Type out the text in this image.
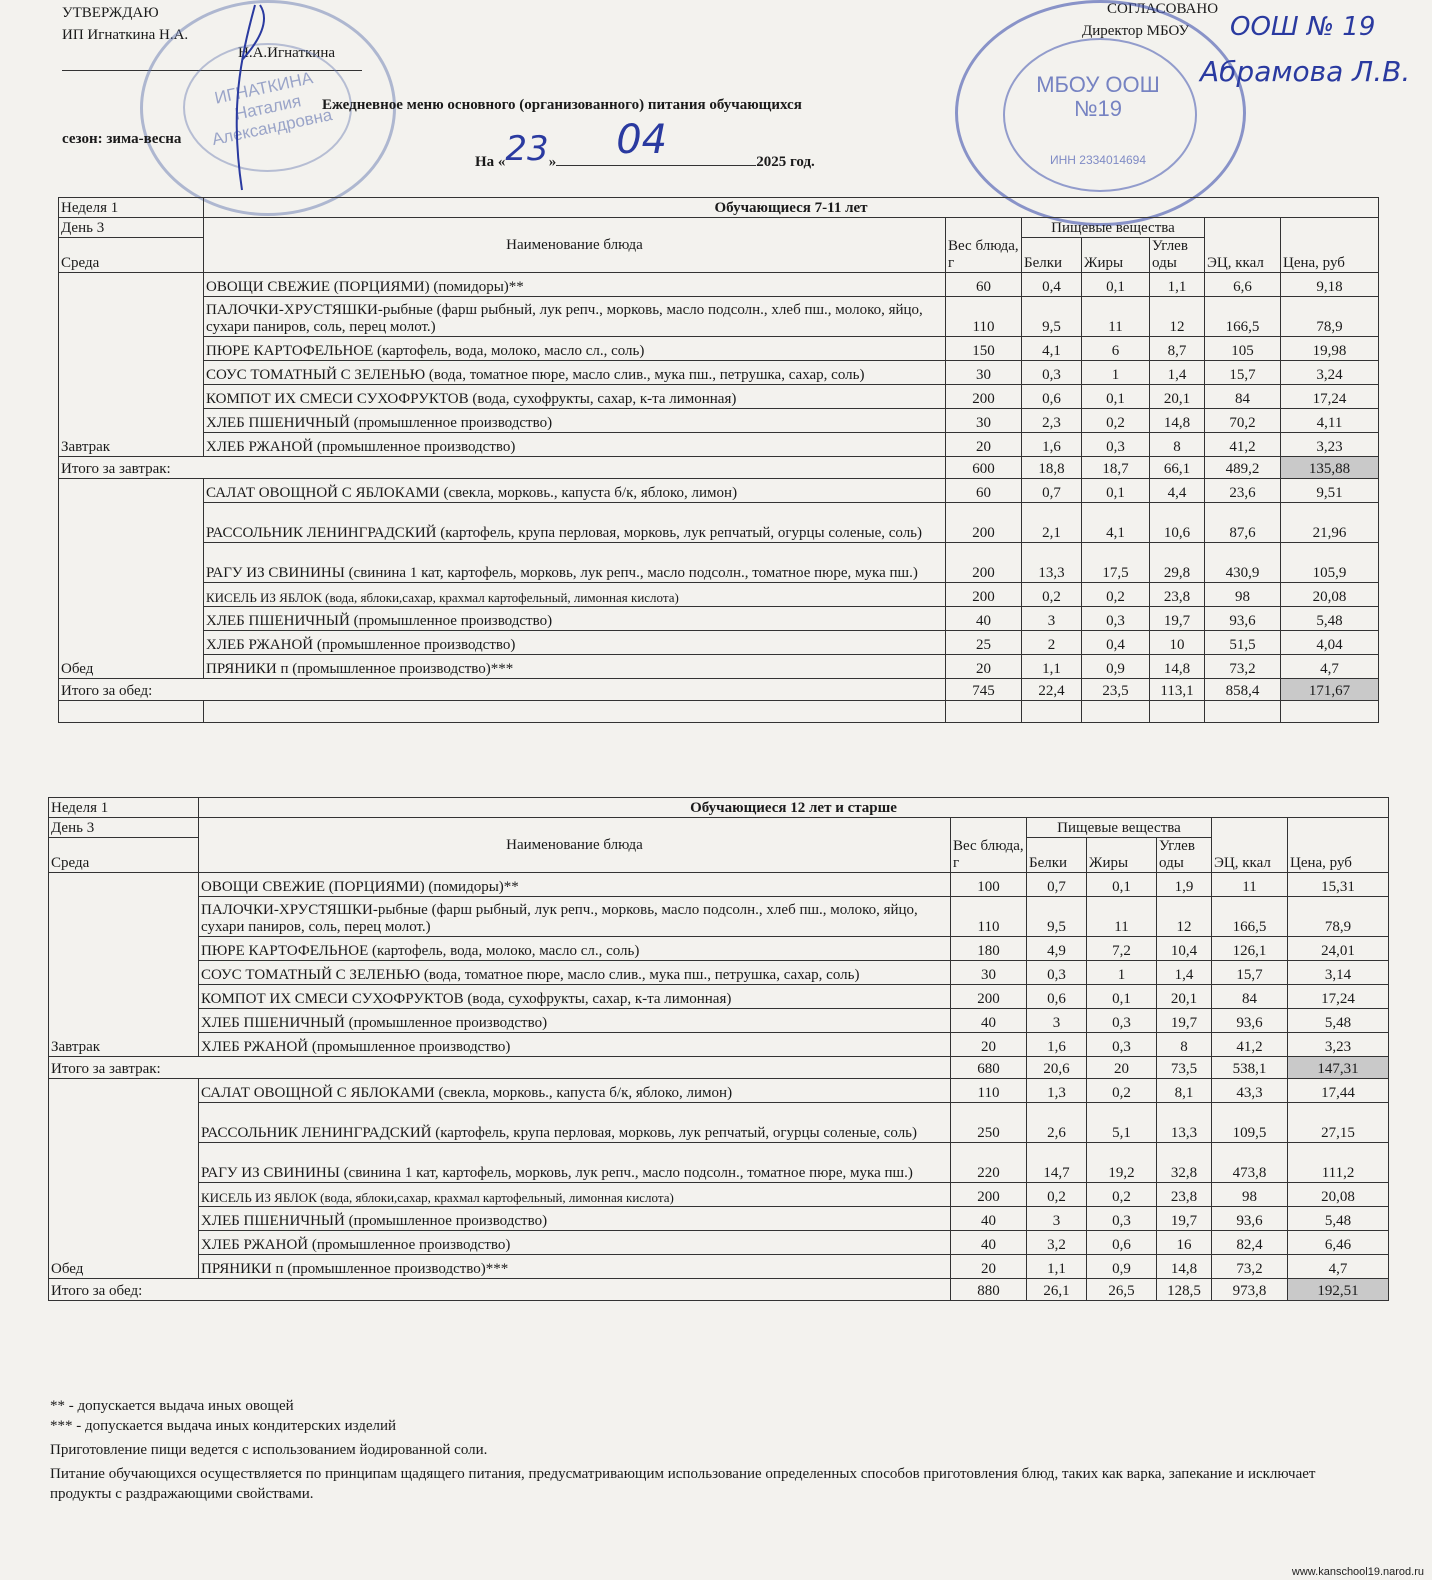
УТВЕРЖДАЮ
ИП Игнаткина Н.А.
Н.А.Игнаткина
ИГНАТКИНА Наталия Александровна
СОГЛАСОВАНО
Директор МБОУ ООШ № 19
Абрамова Л.В.
МБОУ ООШ №19
ИНН 2334014694
Ежедневное меню основного (организованного) питания обучающихся
сезон: зима-весна
На «23» 04	2025 год.
Неделя 1	Обучающиеся 7-11 лет						
День 3	Наименование блюда	Вес блюда, г	Пищевые вещества			ЭЦ, ккал	Цена, руб
Среда			Белки	Жиры	Углев оды		

Завтрак	ОВОЩИ СВЕЖИЕ (ПОРЦИЯМИ) (помидоры)**	60	0,4	0,1	1,1	6,6	9,18
	ПАЛОЧКИ-ХРУСТЯШКИ-рыбные (фарш рыбный, лук репч., морковь, масло подсолн., хлеб пш., молоко, яйцо, сухари паниров, соль, перец молот.)	110	9,5	11	12	166,5	78,9
	ПЮРЕ КАРТОФЕЛЬНОЕ (картофель, вода, молоко, масло сл., соль)	150	4,1	6	8,7	105	19,98
	СОУС ТОМАТНЫЙ С ЗЕЛЕНЬЮ (вода, томатное пюре, масло слив., мука пш., петрушка, сахар, соль)	30	0,3	1	1,4	15,7	3,24
	КОМПОТ ИХ СМЕСИ СУХОФРУКТОВ (вода, сухофрукты, сахар, к-та лимонная)	200	0,6	0,1	20,1	84	17,24
	ХЛЕБ ПШЕНИЧНЫЙ (промышленное производство)	30	2,3	0,2	14,8	70,2	4,11
	ХЛЕБ РЖАНОЙ (промышленное производство)	20	1,6	0,3	8	41,2	3,23
Итого за завтрак:		600	18,8	18,7	66,1	489,2	135,88
Обед	САЛАТ ОВОЩНОЙ С ЯБЛОКАМИ (свекла, морковь., капуста б/к, яблоко, лимон)	60	0,7	0,1	4,4	23,6	9,51
	РАССОЛЬНИК ЛЕНИНГРАДСКИЙ (картофель, крупа перловая, морковь, лук репчатый, огурцы соленые, соль)	200	2,1	4,1	10,6	87,6	21,96
	РАГУ ИЗ СВИНИНЫ (свинина 1 кат, картофель, морковь, лук репч., масло подсолн., томатное пюре, мука пш.)	200	13,3	17,5	29,8	430,9	105,9
	КИСЕЛЬ ИЗ ЯБЛОК (вода, яблоки,сахар, крахмал картофельный, лимонная кислота)	200	0,2	0,2	23,8	98	20,08
	ХЛЕБ ПШЕНИЧНЫЙ (промышленное производство)	40	3	0,3	19,7	93,6	5,48
	ХЛЕБ РЖАНОЙ (промышленное производство)	25	2	0,4	10	51,5	4,04
	ПРЯНИКИ п (промышленное производство)***	20	1,1	0,9	14,8	73,2	4,7
Итого за обед:		745	22,4	23,5	113,1	858,4	171,67

Неделя 1	Обучающиеся 12 лет и старше						
День 3	Наименование блюда	Вес блюда, г	Пищевые вещества			ЭЦ, ккал	Цена, руб
Среда			Белки	Жиры	Углев оды		

Завтрак	ОВОЩИ СВЕЖИЕ (ПОРЦИЯМИ) (помидоры)**	100	0,7	0,1	1,9	11	15,31
	ПАЛОЧКИ-ХРУСТЯШКИ-рыбные (фарш рыбный, лук репч., морковь, масло подсолн., хлеб пш., молоко, яйцо, сухари паниров, соль, перец молот.)	110	9,5	11	12	166,5	78,9
	ПЮРЕ КАРТОФЕЛЬНОЕ (картофель, вода, молоко, масло сл., соль)	180	4,9	7,2	10,4	126,1	24,01
	СОУС ТОМАТНЫЙ С ЗЕЛЕНЬЮ (вода, томатное пюре, масло слив., мука пш., петрушка, сахар, соль)	30	0,3	1	1,4	15,7	3,14
	КОМПОТ ИХ СМЕСИ СУХОФРУКТОВ (вода, сухофрукты, сахар, к-та лимонная)	200	0,6	0,1	20,1	84	17,24
	ХЛЕБ ПШЕНИЧНЫЙ (промышленное производство)	40	3	0,3	19,7	93,6	5,48
	ХЛЕБ РЖАНОЙ (промышленное производство)	20	1,6	0,3	8	41,2	3,23
Итого за завтрак:		680	20,6	20	73,5	538,1	147,31
Обед	САЛАТ ОВОЩНОЙ С ЯБЛОКАМИ (свекла, морковь., капуста б/к, яблоко, лимон)	110	1,3	0,2	8,1	43,3	17,44
	РАССОЛЬНИК ЛЕНИНГРАДСКИЙ (картофель, крупа перловая, морковь, лук репчатый, огурцы соленые, соль)	250	2,6	5,1	13,3	109,5	27,15
	РАГУ ИЗ СВИНИНЫ (свинина 1 кат, картофель, морковь, лук репч., масло подсолн., томатное пюре, мука пш.)	220	14,7	19,2	32,8	473,8	111,2
	КИСЕЛЬ ИЗ ЯБЛОК (вода, яблоки,сахар, крахмал картофельный, лимонная кислота)	200	0,2	0,2	23,8	98	20,08
	ХЛЕБ ПШЕНИЧНЫЙ (промышленное производство)	40	3	0,3	19,7	93,6	5,48
	ХЛЕБ РЖАНОЙ (промышленное производство)	40	3,2	0,6	16	82,4	6,46
	ПРЯНИКИ п (промышленное производство)***	20	1,1	0,9	14,8	73,2	4,7
Итого за обед:		880	26,1	26,5	128,5	973,8	192,51
** - допускается выдача иных овощей
*** - допускается выдача иных кондитерских изделий
Приготовление пищи ведется с использованием йодированной соли.
Питание обучающихся осуществляется по принципам щадящего питания, предусматривающим использование определенных способов приготовления блюд, таких как варка, запекание и исключает продукты с раздражающими свойствами.
www.kanschool19.narod.ru
